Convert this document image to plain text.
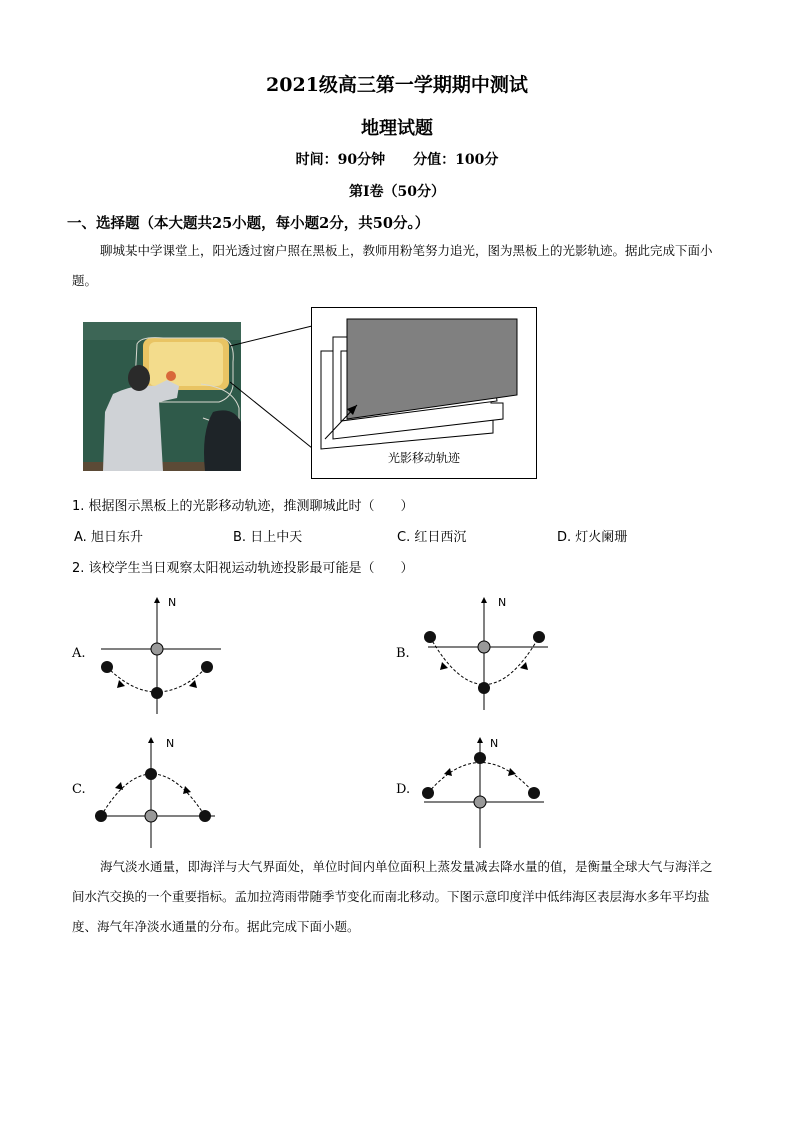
2021级高三第一学期期中测试
地理试题
时间：90分钟　　分值：100分
第Ⅰ卷（50分）
一、选择题（本大题共25小题，每小题2分，共50分。）
聊城某中学课堂上，阳光透过窗户照在黑板上，教师用粉笔努力追光，图为黑板上的光影轨迹。据此完成下面小题。
光影移动轨迹
1. 根据图示黑板上的光影移动轨迹，推测聊城此时（　　）
A. 旭日东升	B. 日上中天	C. 红日西沉	D. 灯火阑珊
2. 该校学生当日观察太阳视运动轨迹投影最可能是（　　）
A.
N
B.
N
C.
N
D.
N
海气淡水通量，即海洋与大气界面处，单位时间内单位面积上蒸发量减去降水量的值，是衡量全球大气与海洋之间水汽交换的一个重要指标。孟加拉湾雨带随季节变化而南北移动。下图示意印度洋中低纬海区表层海水多年平均盐度、海气年净淡水通量的分布。据此完成下面小题。
